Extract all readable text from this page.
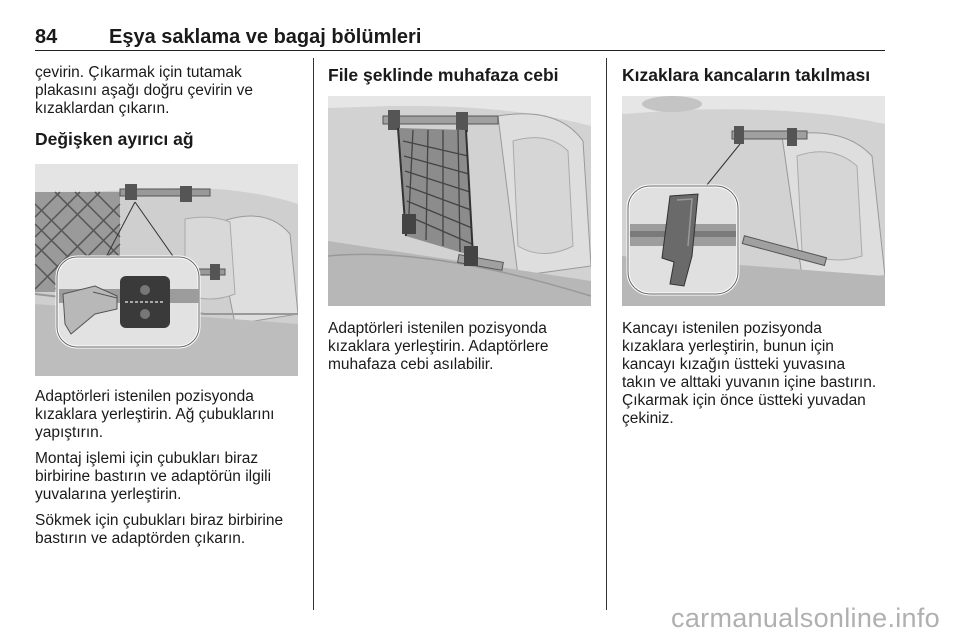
84	Eşya saklama ve bagaj bölümleri

çevirin. Çıkarmak için tutamak
plakasını aşağı doğru çevirin ve
kızaklardan çıkarın.

Değişken ayırıcı ağ

Adaptörleri istenilen pozisyonda
kızaklara yerleştirin. Ağ çubuklarını
yapıştırın.

Montaj işlemi için çubukları biraz
birbirine bastırın ve adaptörün ilgili
yuvalarına yerleştirin.

Sökmek için çubukları biraz birbirine
bastırın ve adaptörden çıkarın.

File şeklinde muhafaza cebi

Adaptörleri istenilen pozisyonda
kızaklara yerleştirin. Adaptörlere
muhafaza cebi asılabilir.

Kızaklara kancaların takılması

Kancayı istenilen pozisyonda
kızaklara yerleştirin, bunun için
kancayı kızağın üstteki yuvasına
takın ve alttaki yuvanın içine bastırın.
Çıkarmak için önce üstteki yuvadan
çekiniz.

carmanualsonline.info
